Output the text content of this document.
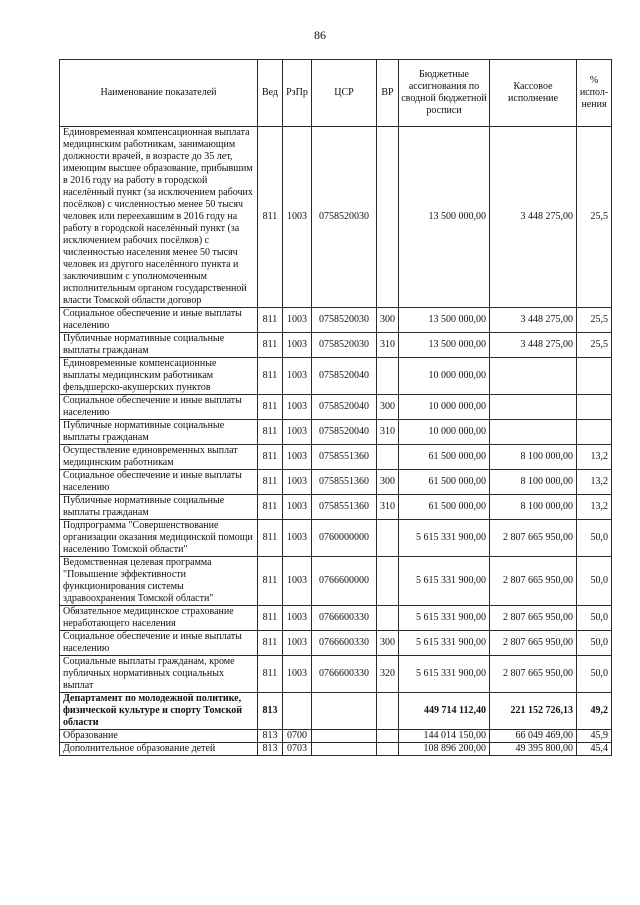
86
Наименование показателей	Вед	РзПр	ЦСР	ВР	Бюджетные ассигнования по сводной бюджетной росписи	Кассовое исполнение	% испол-нения
Единовременная компенсационная выплата медицинским работникам, занимающим должности врачей, в возрасте до 35 лет, имеющим высшее образование, прибывшим в 2016 году на работу в городской населённый пункт (за исключением рабочих посёлков) с численностью менее 50 тысяч человек или переехавшим в 2016 году на работу в городской населённый пункт (за исключением рабочих посёлков) с численностью населения менее 50 тысяч человек из другого населённого пункта и заключившим с уполномоченным исполнительным органом государственной власти Томской области договор	811	1003	0758520030		13 500 000,00	3 448 275,00	25,5
Социальное обеспечение и иные выплаты населению	811	1003	0758520030	300	13 500 000,00	3 448 275,00	25,5
Публичные нормативные социальные выплаты гражданам	811	1003	0758520030	310	13 500 000,00	3 448 275,00	25,5
Единовременные компенсационные выплаты медицинским работникам фельдшерско-акушерских пунктов	811	1003	0758520040		10 000 000,00		
Социальное обеспечение и иные выплаты населению	811	1003	0758520040	300	10 000 000,00		
Публичные нормативные социальные выплаты гражданам	811	1003	0758520040	310	10 000 000,00		
Осуществление единовременных выплат медицинским работникам	811	1003	0758551360		61 500 000,00	8 100 000,00	13,2
Социальное обеспечение и иные выплаты населению	811	1003	0758551360	300	61 500 000,00	8 100 000,00	13,2
Публичные нормативные социальные выплаты гражданам	811	1003	0758551360	310	61 500 000,00	8 100 000,00	13,2
Подпрограмма "Совершенствование организации оказания медицинской помощи населению Томской области"	811	1003	0760000000		5 615 331 900,00	2 807 665 950,00	50,0
Ведомственная целевая программа "Повышение эффективности функционирования системы здравоохранения Томской области"	811	1003	0766600000		5 615 331 900,00	2 807 665 950,00	50,0
Обязательное медицинское страхование неработающего населения	811	1003	0766600330		5 615 331 900,00	2 807 665 950,00	50,0
Социальное обеспечение и иные выплаты населению	811	1003	0766600330	300	5 615 331 900,00	2 807 665 950,00	50,0
Социальные выплаты гражданам, кроме публичных нормативных социальных выплат	811	1003	0766600330	320	5 615 331 900,00	2 807 665 950,00	50,0
Департамент по молодежной политике, физической культуре и спорту Томской области	813				449 714 112,40	221 152 726,13	49,2
Образование	813	0700			144 014 150,00	66 049 469,00	45,9
Дополнительное образование детей	813	0703			108 896 200,00	49 395 800,00	45,4
